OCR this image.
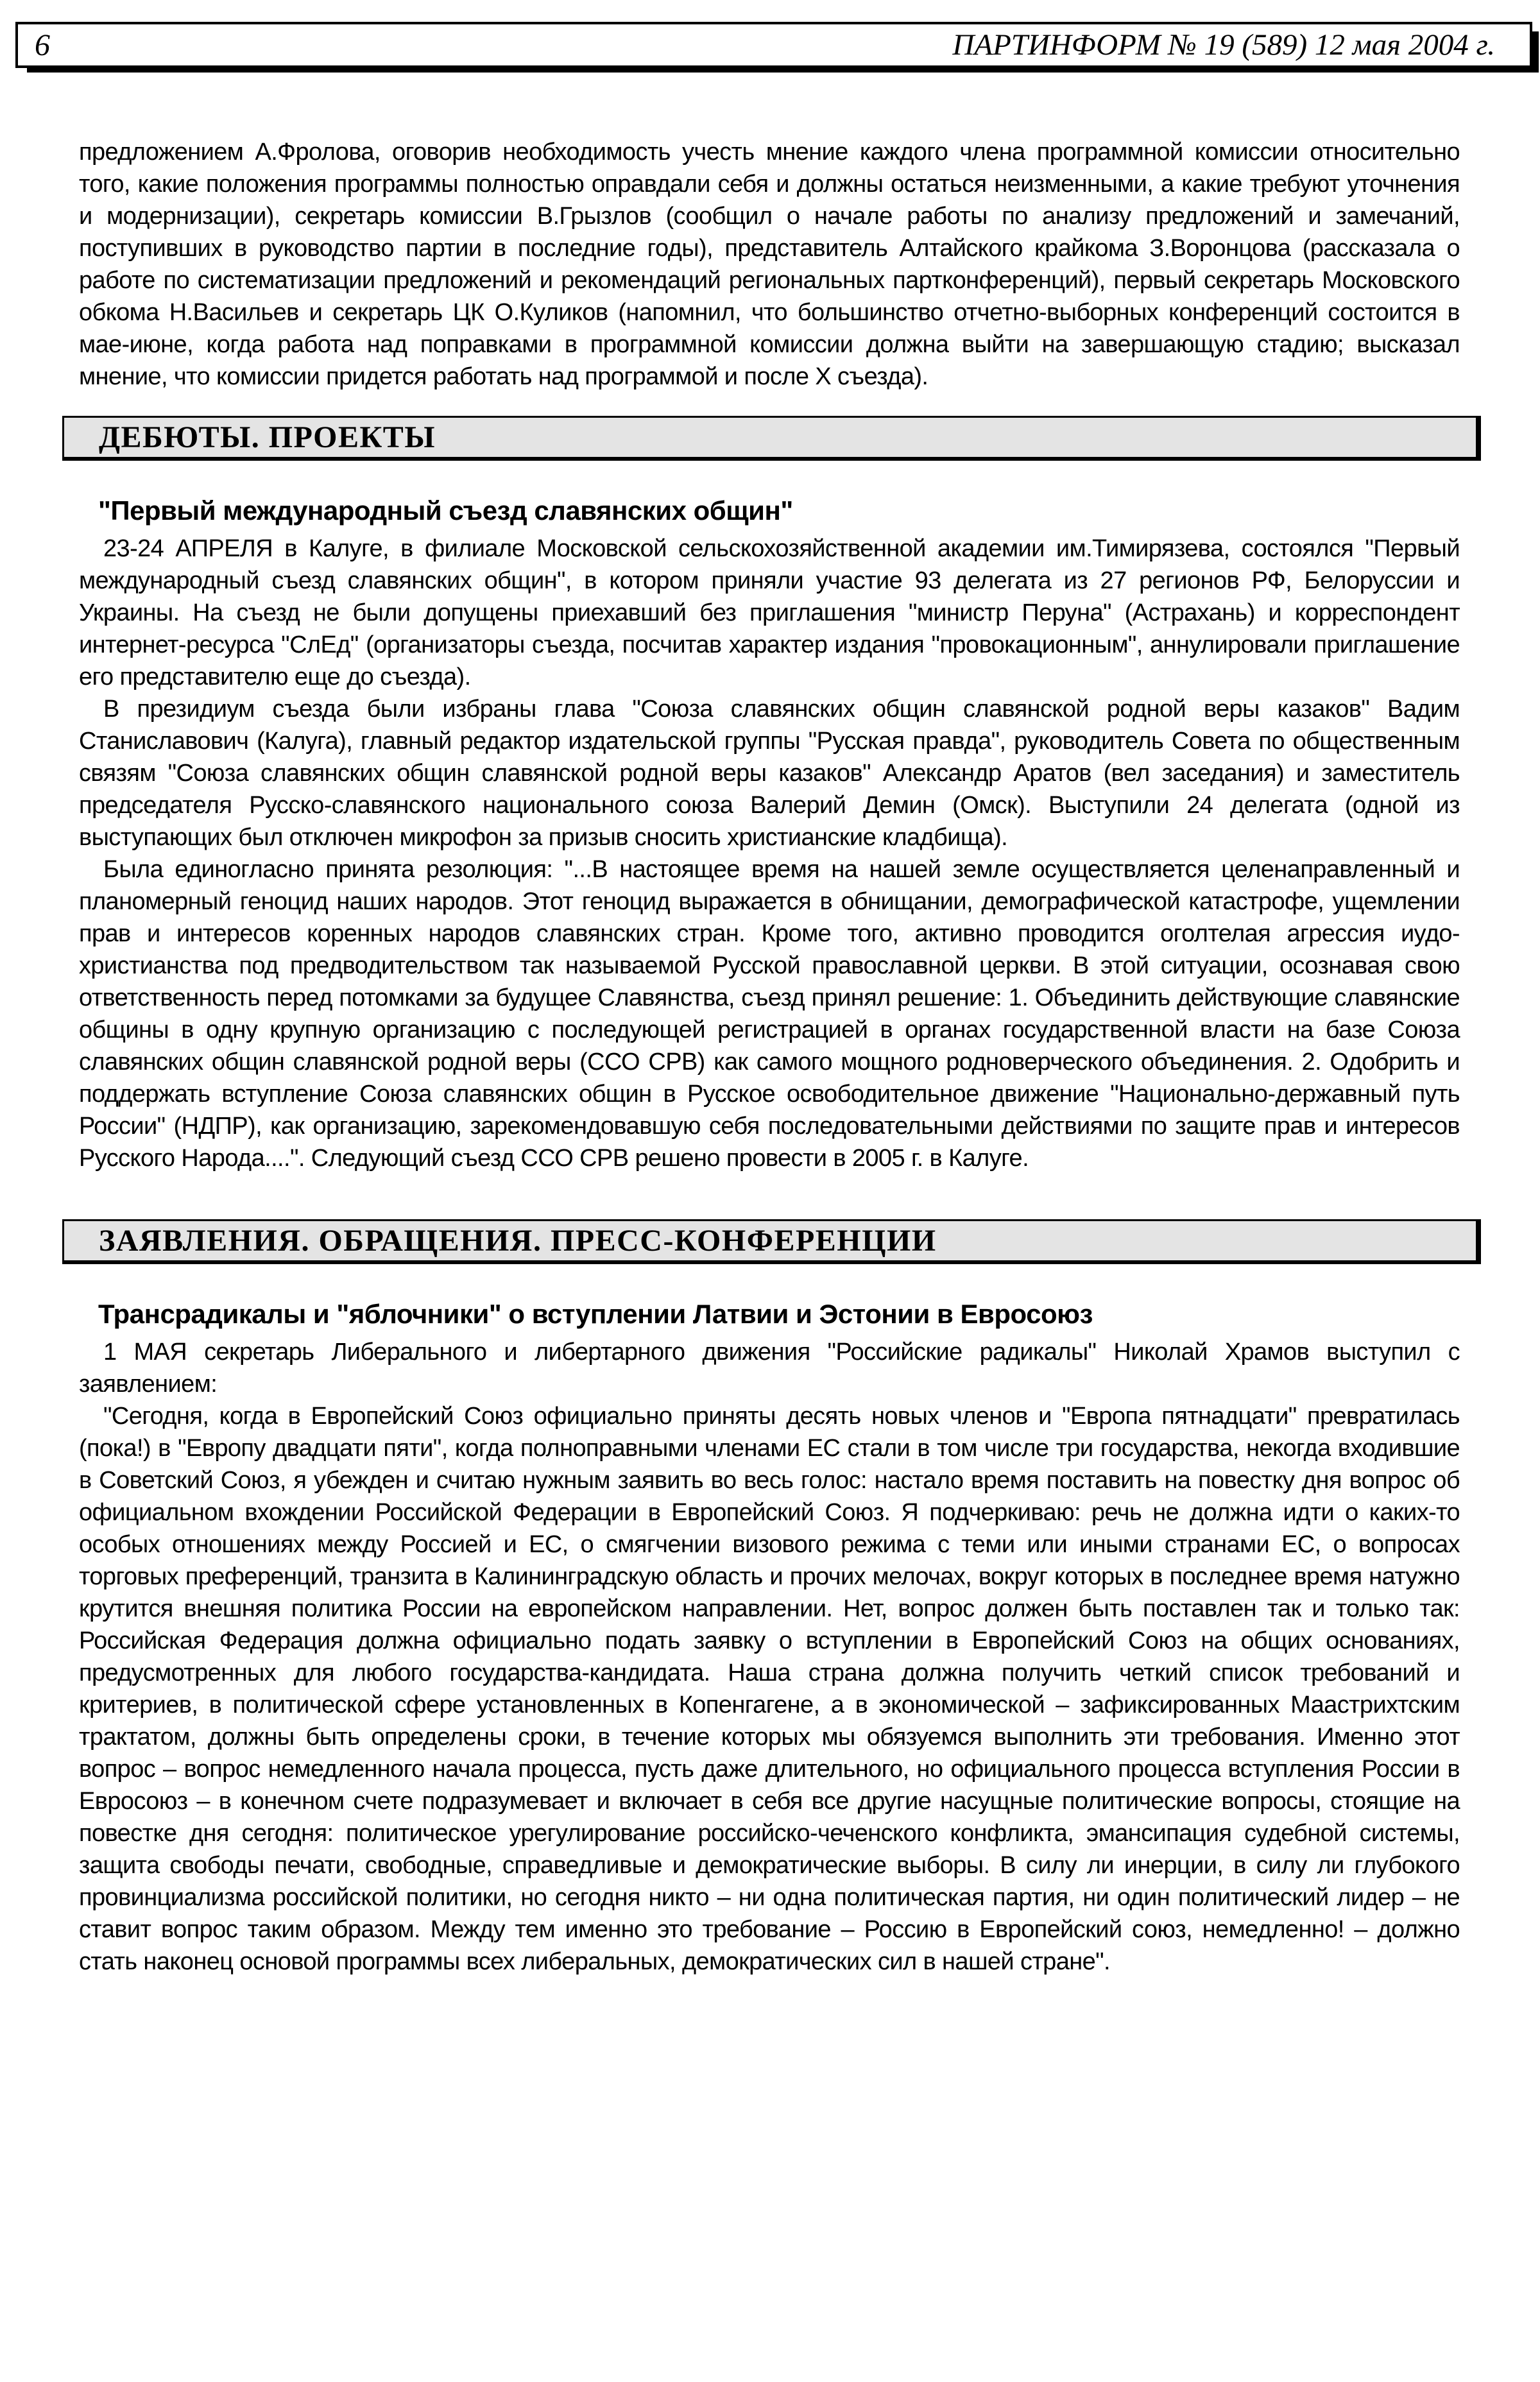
6	ПАРТИНФОРМ № 19 (589) 12 мая 2004 г.

предложением А.Фролова, оговорив необходимость учесть мнение каждого члена программной комиссии относительно того, какие положения программы полностью оправдали себя и должны остаться неизменными, а какие требуют уточнения и модернизации), секретарь комиссии В.Грызлов (сообщил о начале работы по анализу предложений и замечаний, поступивших в руководство партии в последние годы), представитель Алтайского крайкома З.Воронцова (рассказала о работе по систематизации предложений и рекомендаций региональных партконференций), первый секретарь Московского обкома Н.Васильев и секретарь ЦК О.Куликов (напомнил, что большинство отчетно-выборных конференций состоится в мае-июне, когда работа над поправками в программной комиссии должна выйти на завершающую стадию; высказал мнение, что комиссии придется работать над программой и после X съезда).

ДЕБЮТЫ. ПРОЕКТЫ
"Первый международный съезд славянских общин"

23-24 АПРЕЛЯ в Калуге, в филиале Московской сельскохозяйственной академии им.Тимирязева, состоялся "Первый международный съезд славянских общин", в котором приняли участие 93 делегата из 27 регионов РФ, Белоруссии и Украины. На съезд не были допущены приехавший без приглашения "министр Перуна" (Астрахань) и корреспондент интернет-ресурса "СлЕд" (организаторы съезда, посчитав характер издания "провокационным", аннулировали приглашение его представителю еще до съезда).

В президиум съезда были избраны глава "Союза славянских общин славянской родной веры казаков" Вадим Станиславович (Калуга), главный редактор издательской группы "Русская правда", руководитель Совета по общественным связям "Союза славянских общин славянской родной веры казаков" Александр Аратов (вел заседания) и заместитель председателя Русско-славянского национального союза Валерий Демин (Омск). Выступили 24 делегата (одной из выступающих был отключен микрофон за призыв сносить христианские кладбища).

Была единогласно принята резолюция: "...В настоящее время на нашей земле осуществляется целенаправленный и планомерный геноцид наших народов. Этот геноцид выражается в обнищании, демографической катастрофе, ущемлении прав и интересов коренных народов славянских стран. Кроме того, активно проводится оголтелая агрессия иудо-христианства под предводительством так называемой Русской православной церкви. В этой ситуации, осознавая свою ответственность перед потомками за будущее Славянства, съезд принял решение: 1. Объединить действующие славянские общины в одну крупную организацию с последующей регистрацией в органах государственной власти на базе Союза славянских общин славянской родной веры (ССО СРВ) как самого мощного родноверческого объединения. 2. Одобрить и поддержать вступление Союза славянских общин в Русское освободительное движение "Национально-державный путь России" (НДПР), как организацию, зарекомендовавшую себя последовательными действиями по защите прав и интересов Русского Народа....". Следующий съезд ССО СРВ решено провести в 2005 г. в Калуге.

ЗАЯВЛЕНИЯ. ОБРАЩЕНИЯ. ПРЕСС-КОНФЕРЕНЦИИ
Трансрадикалы и "яблочники" о вступлении Латвии и Эстонии в Евросоюз

1 МАЯ секретарь Либерального и либертарного движения "Российские радикалы" Николай Храмов выступил с заявлением:

"Сегодня, когда в Европейский Союз официально приняты десять новых членов и "Европа пятнадцати" превратилась (пока!) в "Европу двадцати пяти", когда полноправными членами ЕС стали в том числе три государства, некогда входившие в Советский Союз, я убежден и считаю нужным заявить во весь голос: настало время поставить на повестку дня вопрос об официальном вхождении Российской Федерации в Европейский Союз. Я подчеркиваю: речь не должна идти о каких-то особых отношениях между Россией и ЕС, о смягчении визового режима с теми или иными странами ЕС, о вопросах торговых преференций, транзита в Калининградскую область и прочих мелочах, вокруг которых в последнее время натужно крутится внешняя политика России на европейском направлении. Нет, вопрос должен быть поставлен так и только так: Российская Федерация должна официально подать заявку о вступлении в Европейский Союз на общих основаниях, предусмотренных для любого государства-кандидата. Наша страна должна получить четкий список требований и критериев, в политической сфере установленных в Копенгагене, а в экономической – зафиксированных Маастрихтским трактатом, должны быть определены сроки, в течение которых мы обязуемся выполнить эти требования. Именно этот вопрос – вопрос немедленного начала процесса, пусть даже длительного, но официального процесса вступления России в Евросоюз – в конечном счете подразумевает и включает в себя все другие насущные политические вопросы, стоящие на повестке дня сегодня: политическое урегулирование российско-чеченского конфликта, эмансипация судебной системы, защита свободы печати, свободные, справедливые и демократические выборы. В силу ли инерции, в силу ли глубокого провинциализма российской политики, но сегодня никто – ни одна политическая партия, ни один политический лидер – не ставит вопрос таким образом. Между тем именно это требование – Россию в Европейский союз, немедленно! – должно стать наконец основой программы всех либеральных, демократических сил в нашей стране".
